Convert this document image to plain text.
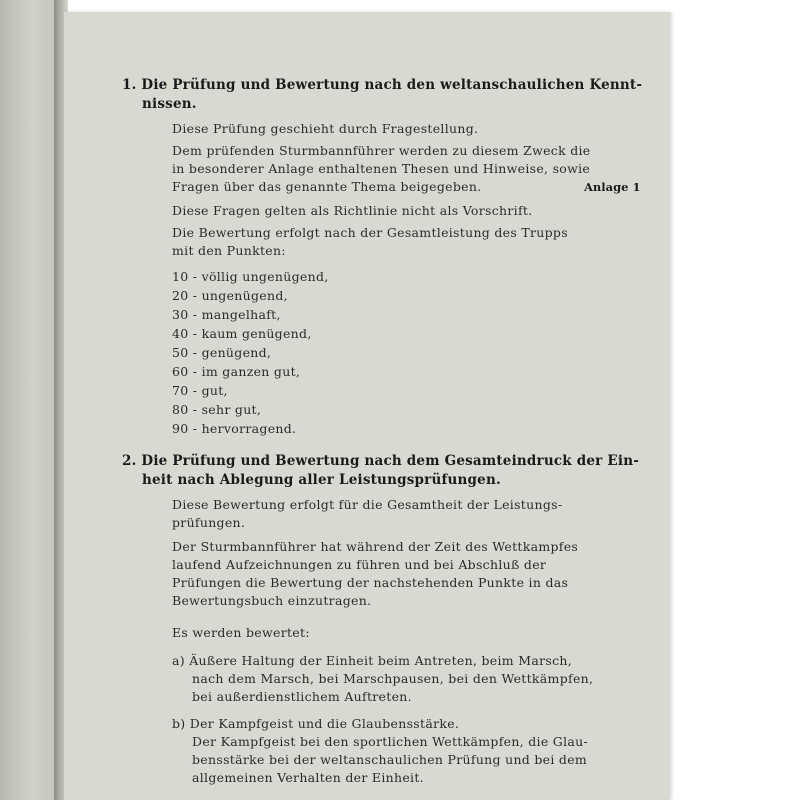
1. Die Prüfung und Bewertung nach den weltanschaulichen Kennt-
nissen.
Diese Prüfung geschieht durch Fragestellung.
Dem prüfenden Sturmbannführer werden zu diesem Zweck die
in besonderer Anlage enthaltenen Thesen und Hinweise, sowie
Fragen über das genannte Thema beigegeben.
Diese Fragen gelten als Richtlinie nicht als Vorschrift.
Die Bewertung erfolgt nach der Gesamtleistung des Trupps
mit den Punkten:
10 - völlig ungenügend,
20 - ungenügend,
30 - mangelhaft,
40 - kaum genügend,
50 - genügend,
60 - im ganzen gut,
70 - gut,
80 - sehr gut,
90 - hervorragend.
Anlage 1
2. Die Prüfung und Bewertung nach dem Gesamteindruck der Ein-
heit nach Ablegung aller Leistungsprüfungen.
Diese Bewertung erfolgt für die Gesamtheit der Leistungs-
prüfungen.
Der Sturmbannführer hat während der Zeit des Wettkampfes
laufend Aufzeichnungen zu führen und bei Abschluß der
Prüfungen die Bewertung der nachstehenden Punkte in das
Bewertungsbuch einzutragen.
Es werden bewertet:
a) Äußere Haltung der Einheit beim Antreten, beim Marsch,
nach dem Marsch, bei Marschpausen, bei den Wettkämpfen,
bei außerdienstlichem Auftreten.
b) Der Kampfgeist und die Glaubensstärke.
Der Kampfgeist bei den sportlichen Wettkämpfen, die Glau-
bensstärke bei der weltanschaulichen Prüfung und bei dem
allgemeinen Verhalten der Einheit.
